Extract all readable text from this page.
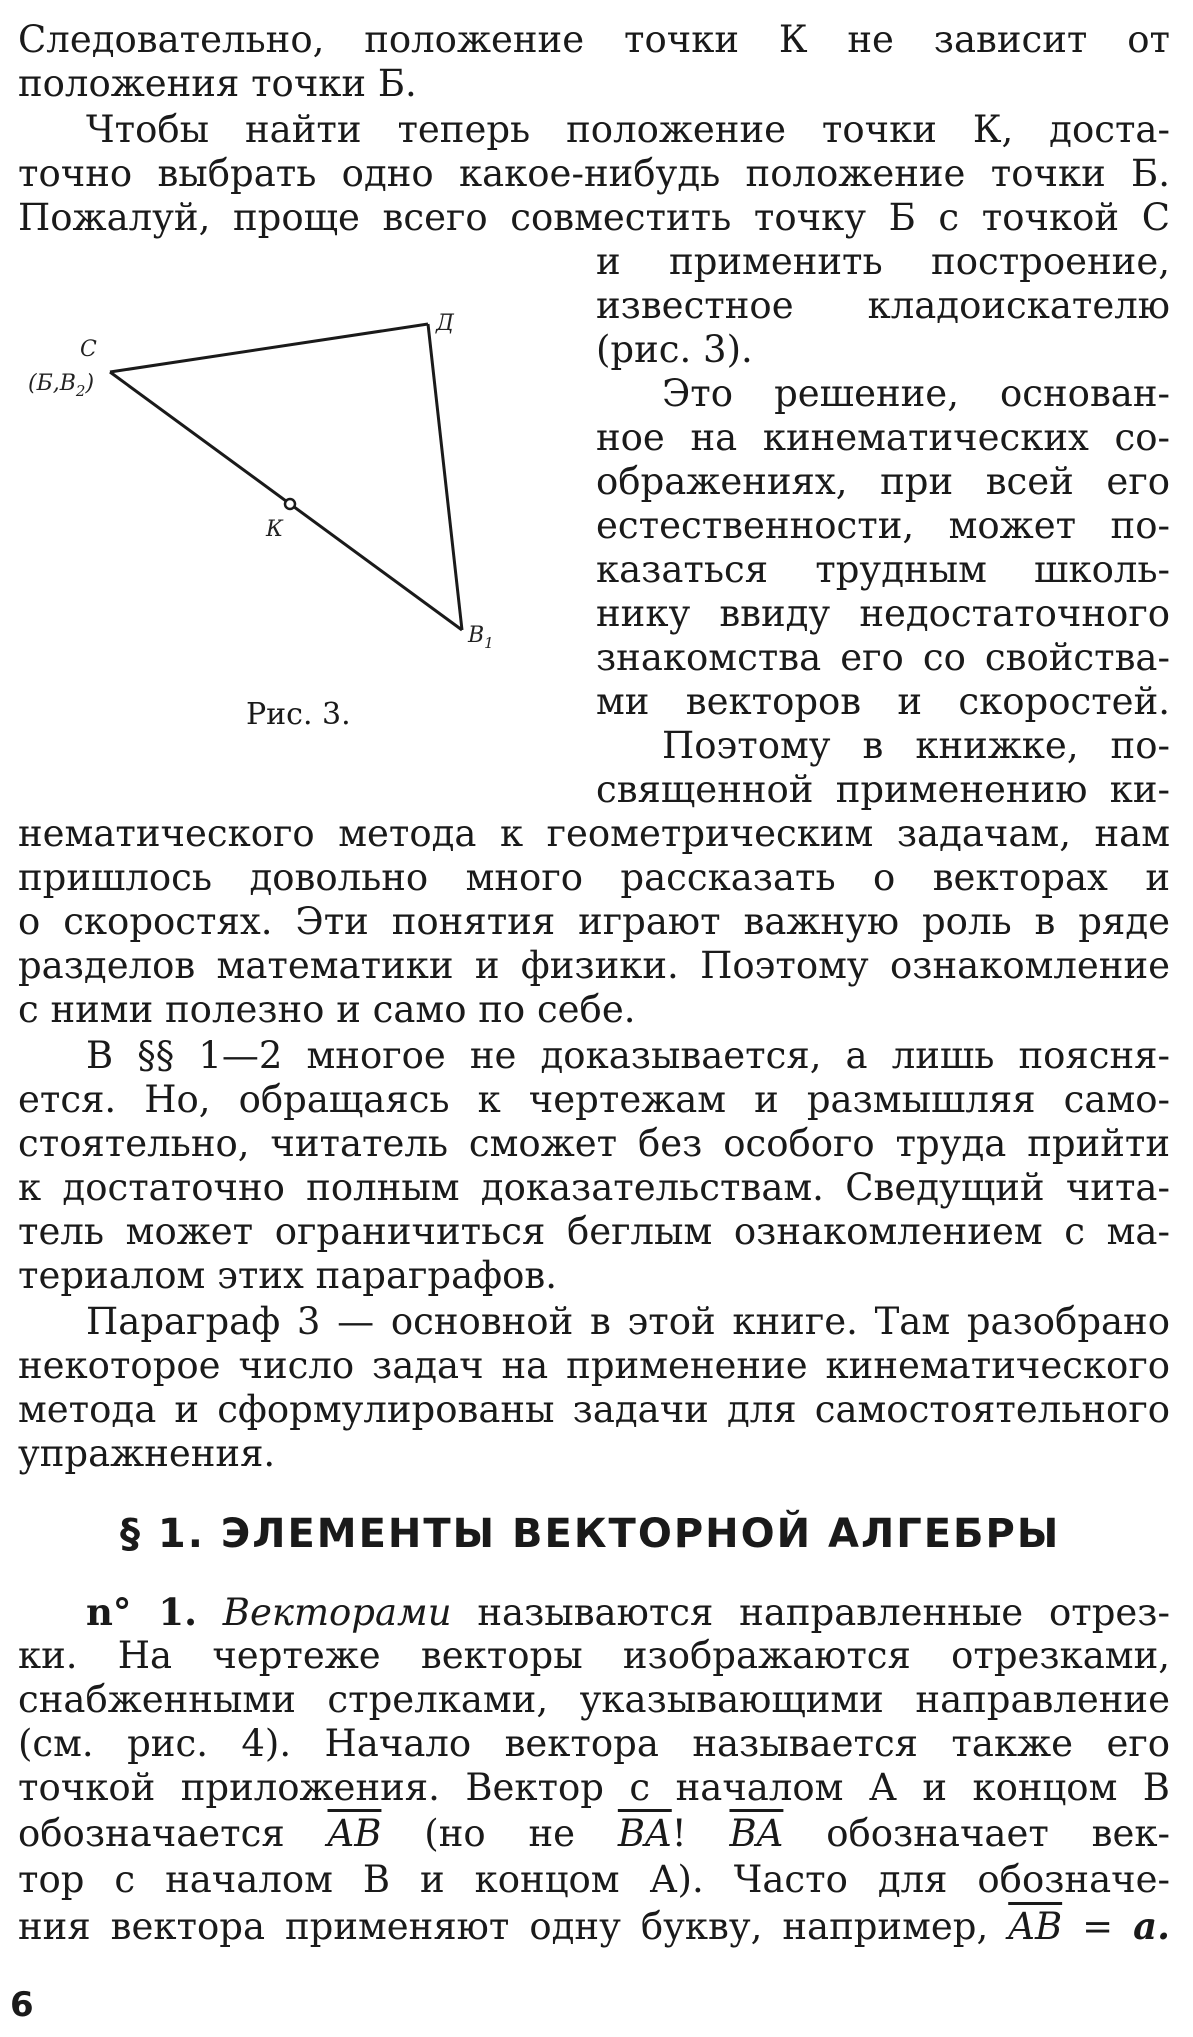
Следовательно, положение точки К не зависит от
положения точки Б.
Чтобы найти теперь положение точки К, доста-
точно выбрать одно какое-нибудь положение точки Б.
Пожалуй, проще всего совместить точку Б с точкой С
и применить построение,
известное кладоискателю
(рис. 3).
Это решение, основан-
ное на кинематических со-
ображениях, при всей его
естественности, может по-
казаться трудным школь-
нику ввиду недостаточного
знакомства его со свойства-
ми векторов и скоростей.
Поэтому в книжке, по-
священной применению ки-
нематического метода к геометрическим задачам, нам
пришлось довольно много рассказать о векторах и
о скоростях. Эти понятия играют важную роль в ряде
разделов математики и физики. Поэтому ознакомление
с ними полезно и само по себе.
В §§ 1—2 многое не доказывается, а лишь поясня-
ется. Но, обращаясь к чертежам и размышляя само-
стоятельно, читатель сможет без особого труда прийти
к достаточно полным доказательствам. Сведущий чита-
тель может ограничиться беглым ознакомлением с ма-
териалом этих параграфов.
Параграф 3 — основной в этой книге. Там разобрано
некоторое число задач на применение кинематического
метода и сформулированы задачи для самостоятельного
упражнения.
§ 1. ЭЛЕМЕНТЫ ВЕКТОРНОЙ АЛГЕБРЫ
n° 1. Векторами называются направленные отрез-
ки. На чертеже векторы изображаются отрезками,
снабженными стрелками, указывающими направление
(см. рис. 4). Начало вектора называется также его
точкой приложения. Вектор с началом А и концом В
обозначается $\overline{AB}$ (но не $\overline{BA}$! $\overline{BA}$ обозначает век-
тор с началом В и концом А). Часто для обозначе-
ния вектора применяют одну букву, например, $\overline{AB} = a$.
6
С
$(Б,В_2)$
Д
К
$В_1$
Рис. 3.
